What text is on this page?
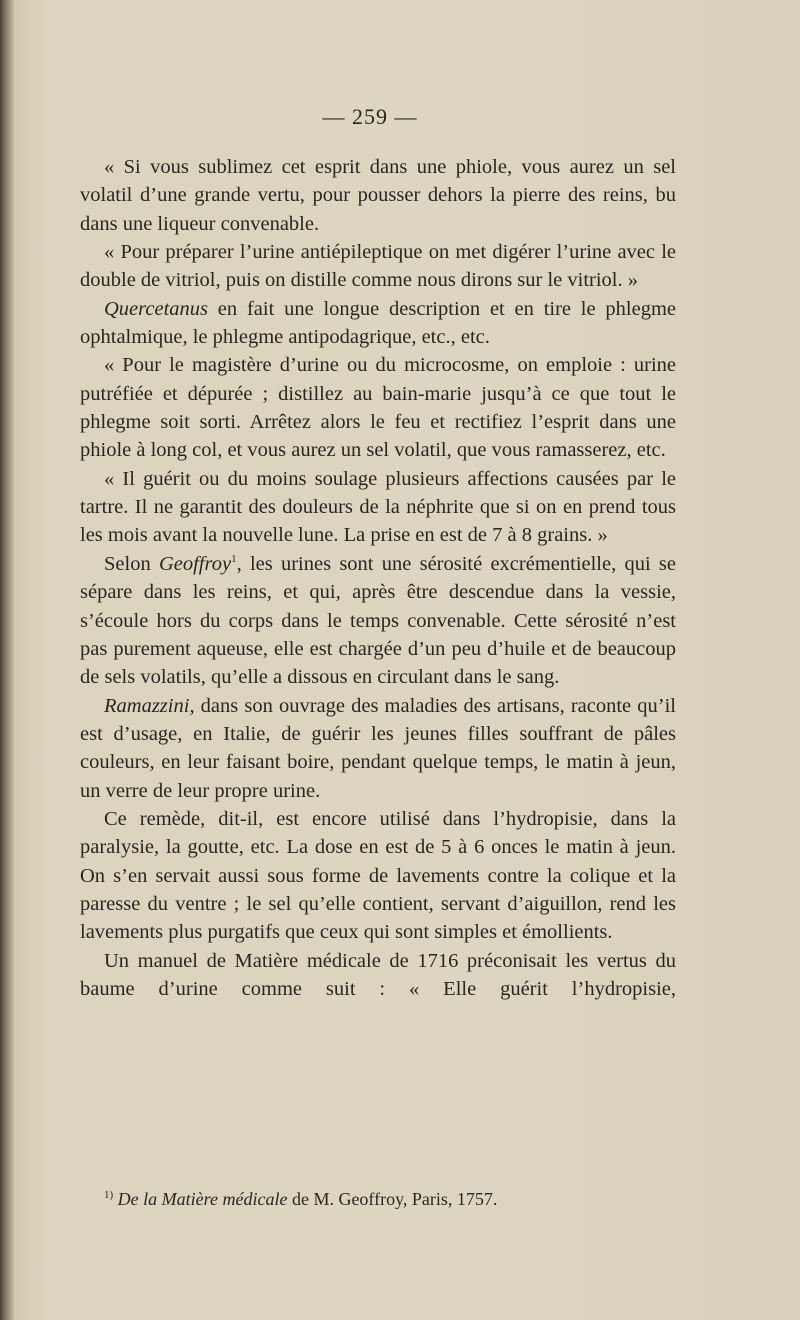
— 259 —

« Si vous sublimez cet esprit dans une phiole, vous aurez un sel volatil d’une grande vertu, pour pousser dehors la pierre des reins, bu dans une liqueur convenable.

« Pour préparer l’urine antiépileptique on met digérer l’urine avec le double de vitriol, puis on distille comme nous dirons sur le vitriol. »

Quercetanus en fait une longue description et en tire le phlegme ophtalmique, le phlegme antipodagrique, etc., etc.

« Pour le magistère d’urine ou du microcosme, on emploie : urine putréfiée et dépurée ; distillez au bain-marie jusqu’à ce que tout le phlegme soit sorti. Arrêtez alors le feu et rectifiez l’esprit dans une phiole à long col, et vous aurez un sel volatil, que vous ramasserez, etc.

« Il guérit ou du moins soulage plusieurs affections causées par le tartre. Il ne garantit des douleurs de la néphrite que si on en prend tous les mois avant la nouvelle lune. La prise en est de 7 à 8 grains. »

Selon Geoffroy$^1$, les urines sont une sérosité excrémentielle, qui se sépare dans les reins, et qui, après être descendue dans la vessie, s’écoule hors du corps dans le temps convenable. Cette sérosité n’est pas purement aqueuse, elle est chargée d’un peu d’huile et de beaucoup de sels volatils, qu’elle a dissous en circulant dans le sang.

Ramazzini, dans son ouvrage des maladies des artisans, raconte qu’il est d’usage, en Italie, de guérir les jeunes filles souffrant de pâles couleurs, en leur faisant boire, pendant quelque temps, le matin à jeun, un verre de leur propre urine.

Ce remède, dit-il, est encore utilisé dans l’hydropisie, dans la paralysie, la goutte, etc. La dose en est de 5 à 6 onces le matin à jeun. On s’en servait aussi sous forme de lavements contre la colique et la paresse du ventre ; le sel qu’elle contient, servant d’aiguillon, rend les lavements plus purgatifs que ceux qui sont simples et émollients.

Un manuel de Matière médicale de 1716 préconisait les vertus du baume d’urine comme suit : « Elle guérit l’hydropisie,

$^{1)}$ De la Matière médicale de M. Geoffroy, Paris, 1757.
